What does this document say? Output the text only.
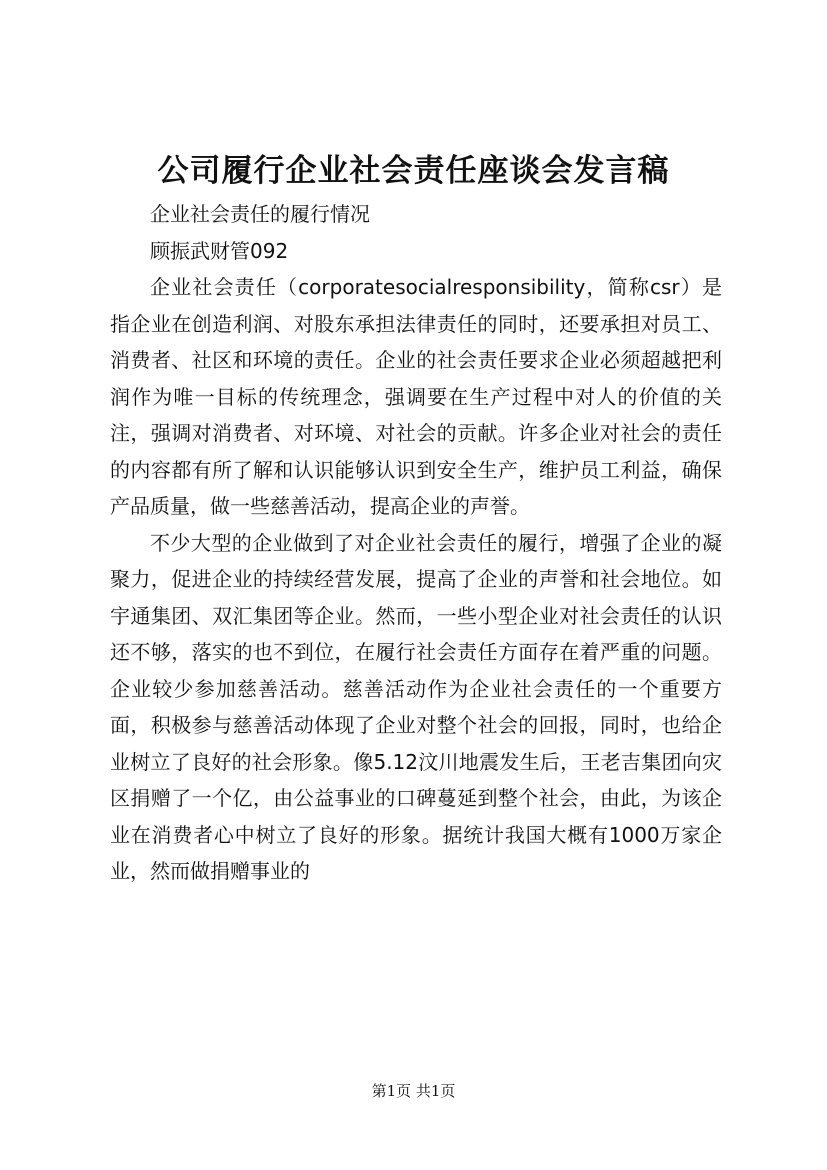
公司履行企业社会责任座谈会发言稿

企业社会责任的履行情况

顾振武财管092

企业社会责任（corporatesocialresponsibility，简称csr）是指企业在创造利润、对股东承担法律责任的同时，还要承担对员工、消费者、社区和环境的责任。企业的社会责任要求企业必须超越把利润作为唯一目标的传统理念，强调要在生产过程中对人的价值的关注，强调对消费者、对环境、对社会的贡献。许多企业对社会的责任的内容都有所了解和认识能够认识到安全生产，维护员工利益，确保产品质量，做一些慈善活动，提高企业的声誉。

不少大型的企业做到了对企业社会责任的履行，增强了企业的凝聚力，促进企业的持续经营发展，提高了企业的声誉和社会地位。如宇通集团、双汇集团等企业。然而，一些小型企业对社会责任的认识还不够，落实的也不到位，在履行社会责任方面存在着严重的问题。企业较少参加慈善活动。慈善活动作为企业社会责任的一个重要方面，积极参与慈善活动体现了企业对整个社会的回报，同时，也给企业树立了良好的社会形象。像5.12汶川地震发生后，王老吉集团向灾区捐赠了一个亿，由公益事业的口碑蔓延到整个社会，由此，为该企业在消费者心中树立了良好的形象。据统计我国大概有1000万家企业，然而做捐赠事业的

第1页 共1页
